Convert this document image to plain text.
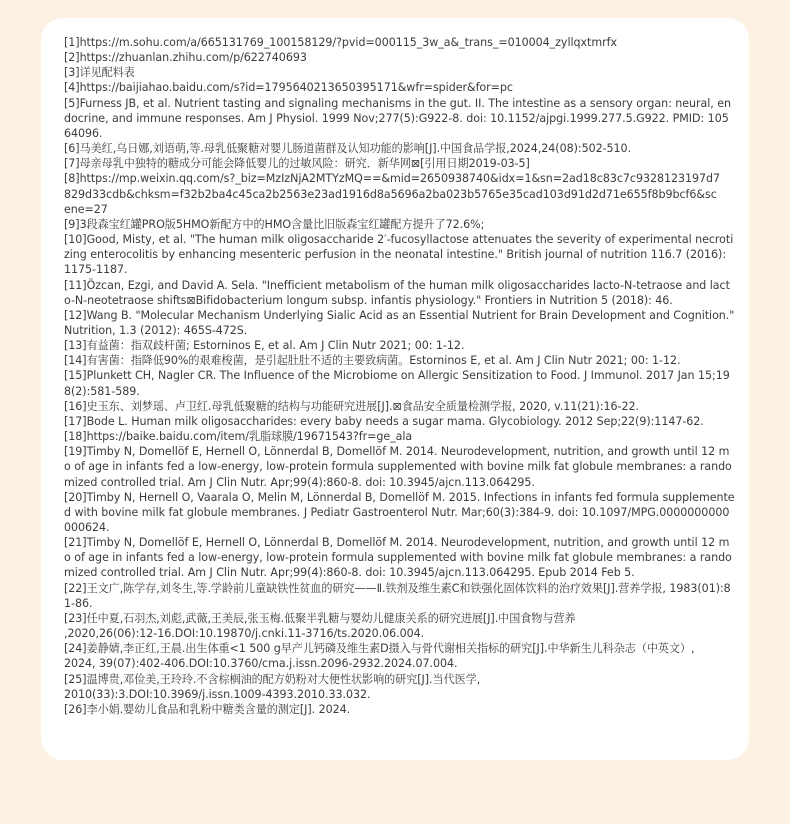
[1]https://m.sohu.com/a/665131769_100158129/?pvid=000115_3w_a&_trans_=010004_zyllqxtmrfx
[2]https://zhuanlan.zhihu.com/p/622740693
[3]详见配料表
[4]https://baijiahao.baidu.com/s?id=1795640213650395171&wfr=spider&for=pc
[5]Furness JB, et al. Nutrient tasting and signaling mechanisms in the gut. II. The intestine as a sensory organ: neural, endocrine, and immune responses. Am J Physiol. 1999 Nov;277(5):G922-8. doi: 10.1152/ajpgi.1999.277.5.G922. PMID: 10564096.
[6]马美红,乌日娜,刘语萌,等.母乳低聚糖对婴儿肠道菌群及认知功能的影响[J].中国食品学报,2024,24(08):502-510.
[7]母亲母乳中独特的糖成分可能会降低婴儿的过敏风险：研究．新华网⊠[引用日期2019-03-5]
[8]https://mp.weixin.qq.com/s?_biz=MzIzNjA2MTYzMQ==&mid=2650938740&idx=1&sn=2ad18c83c7c9328123197d7
829d33cdb&chksm=f32b2ba4c45ca2b2563e23ad1916d8a5696a2ba023b5765e35cad103d91d2d71e655f8b9bcf6&sc
ene=27
[9]3段森宝红罐PRO版5HMO新配方中的HMO含量比旧版森宝红罐配方提升了72.6%;
[10]Good, Misty, et al. "The human milk oligosaccharide 2′-fucosyllactose attenuates the severity of experimental necrotizing enterocolitis by enhancing mesenteric perfusion in the neonatal intestine." British journal of nutrition 116.7 (2016): 1175-1187.
[11]Özcan, Ezgi, and David A. Sela. "Inefficient metabolism of the human milk oligosaccharides lacto-N-tetraose and lacto-N-neotetraose shifts⊠Bifidobacterium longum subsp. infantis physiology." Frontiers in Nutrition 5 (2018): 46.
[12]Wang B. "Molecular Mechanism Underlying Sialic Acid as an Essential Nutrient for Brain Development and Cognition." Nutrition, 1.3 (2012): 465S-472S.
[13]有益菌：指双歧杆菌; Estorninos E, et al. Am J Clin Nutr 2021; 00: 1-12.
[14]有害菌：指降低90%的艰难梭菌，是引起肚肚不适的主要致病菌。Estorninos E, et al. Am J Clin Nutr 2021; 00: 1-12.
[15]Plunkett CH, Nagler CR. The Influence of the Microbiome on Allergic Sensitization to Food. J Immunol. 2017 Jan 15;198(2):581-589.
[16]史玉东、刘梦瑶、卢卫红.母乳低聚糖的结构与功能研究进展[J].⊠食品安全质量检测学报, 2020, v.11(21):16-22.
[17]Bode L. Human milk oligosaccharides: every baby needs a sugar mama. Glycobiology. 2012 Sep;22(9):1147-62.
[18]https://baike.baidu.com/item/乳脂球膜/19671543?fr=ge_ala
[19]Timby N, Domellöf E, Hernell O, Lönnerdal B, Domellöf M. 2014. Neurodevelopment, nutrition, and growth until 12 mo of age in infants fed a low-energy, low-protein formula supplemented with bovine milk fat globule membranes: a randomized controlled trial. Am J Clin Nutr. Apr;99(4):860-8. doi: 10.3945/ajcn.113.064295.
[20]Timby N, Hernell O, Vaarala O, Melin M, Lönnerdal B, Domellöf M. 2015. Infections in infants fed formula supplemented with bovine milk fat globule membranes. J Pediatr Gastroenterol Nutr. Mar;60(3):384-9. doi: 10.1097/MPG.0000000000000624.
[21]Timby N, Domellöf E, Hernell O, Lönnerdal B, Domellöf M. 2014. Neurodevelopment, nutrition, and growth until 12 mo of age in infants fed a low-energy, low-protein formula supplemented with bovine milk fat globule membranes: a randomized controlled trial. Am J Clin Nutr. Apr;99(4):860-8. doi: 10.3945/ajcn.113.064295. Epub 2014 Feb 5.
[22]王文广,陈学存,刘冬生,等.学龄前儿童缺铁性贫血的研究——Ⅱ.铁剂及维生素C和铁强化固体饮料的治疗效果[J].营养学报, 1983(01):81-86.
[23]任中夏,石羽杰,刘彪,武薇,王美辰,张玉梅.低聚半乳糖与婴幼儿健康关系的研究进展[J].中国食物与营养
,2020,26(06):12-16.DOI:10.19870/j.cnki.11-3716/ts.2020.06.004.
[24]姜静婧,李正红,王晨.出生体重<1 500 g早产儿钙磷及维生素D摄入与骨代谢相关指标的研究[J].中华新生儿科杂志（中英文）,
2024, 39(07):402-406.DOI:10.3760/cma.j.issn.2096-2932.2024.07.004.
[25]温博贵,邓俭美,王玲玲.不含棕榈油的配方奶粉对大便性状影响的研究[J].当代医学,
2010(33):3.DOI:10.3969/j.issn.1009-4393.2010.33.032.
[26]李小娟.婴幼儿食品和乳粉中糖类含量的测定[J]. 2024.
